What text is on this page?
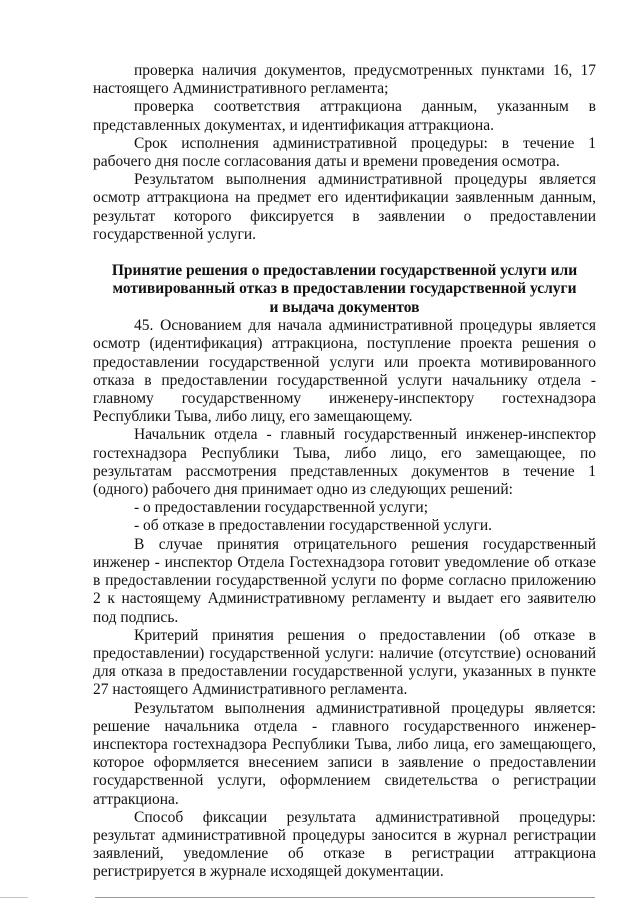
проверка наличия документов, предусмотренных пунктами 16, 17 настоящего Административного регламента;

проверка соответствия аттракциона данным, указанным в представленных документах, и идентификация аттракциона.

Срок исполнения административной процедуры: в течение 1 рабочего дня после согласования даты и времени проведения осмотра.

Результатом выполнения административной процедуры является осмотр аттракциона на предмет его идентификации заявленным данным, результат которого фиксируется в заявлении о предоставлении государственной услуги.

Принятие решения о предоставлении государственной услуги или
мотивированный отказ в предоставлении государственной услуги
и выдача документов

45. Основанием для начала административной процедуры является осмотр (идентификация) аттракциона, поступление проекта решения о предоставлении государственной услуги или проекта мотивированного отказа в предоставлении государственной услуги начальнику отдела - главному государственному инженеру-инспектору гостехнадзора Республики Тыва, либо лицу, его замещающему.

Начальник отдела - главный государственный инженер-инспектор гостехнадзора Республики Тыва, либо лицо, его замещающее, по результатам рассмотрения представленных документов в течение 1 (одного) рабочего дня принимает одно из следующих решений:

- о предоставлении государственной услуги;

- об отказе в предоставлении государственной услуги.

В случае принятия отрицательного решения государственный инженер - инспектор Отдела Гостехнадзора готовит уведомление об отказе в предоставлении государственной услуги по форме согласно приложению 2 к настоящему Административному регламенту и выдает его заявителю под подпись.

Критерий принятия решения о предоставлении (об отказе в предоставлении) государственной услуги: наличие (отсутствие) оснований для отказа в предоставлении государственной услуги, указанных в пункте 27 настоящего Административного регламента.

Результатом выполнения административной процедуры является: решение начальника отдела - главного государственного инженер-инспектора гостехнадзора Республики Тыва, либо лица, его замещающего, которое оформляется внесением записи в заявление о предоставлении государственной услуги, оформлением свидетельства о регистрации аттракциона.

Способ фиксации результата административной процедуры: результат административной процедуры заносится в журнал регистрации заявлений, уведомление об отказе в регистрации аттракциона регистрируется в журнале исходящей документации.
